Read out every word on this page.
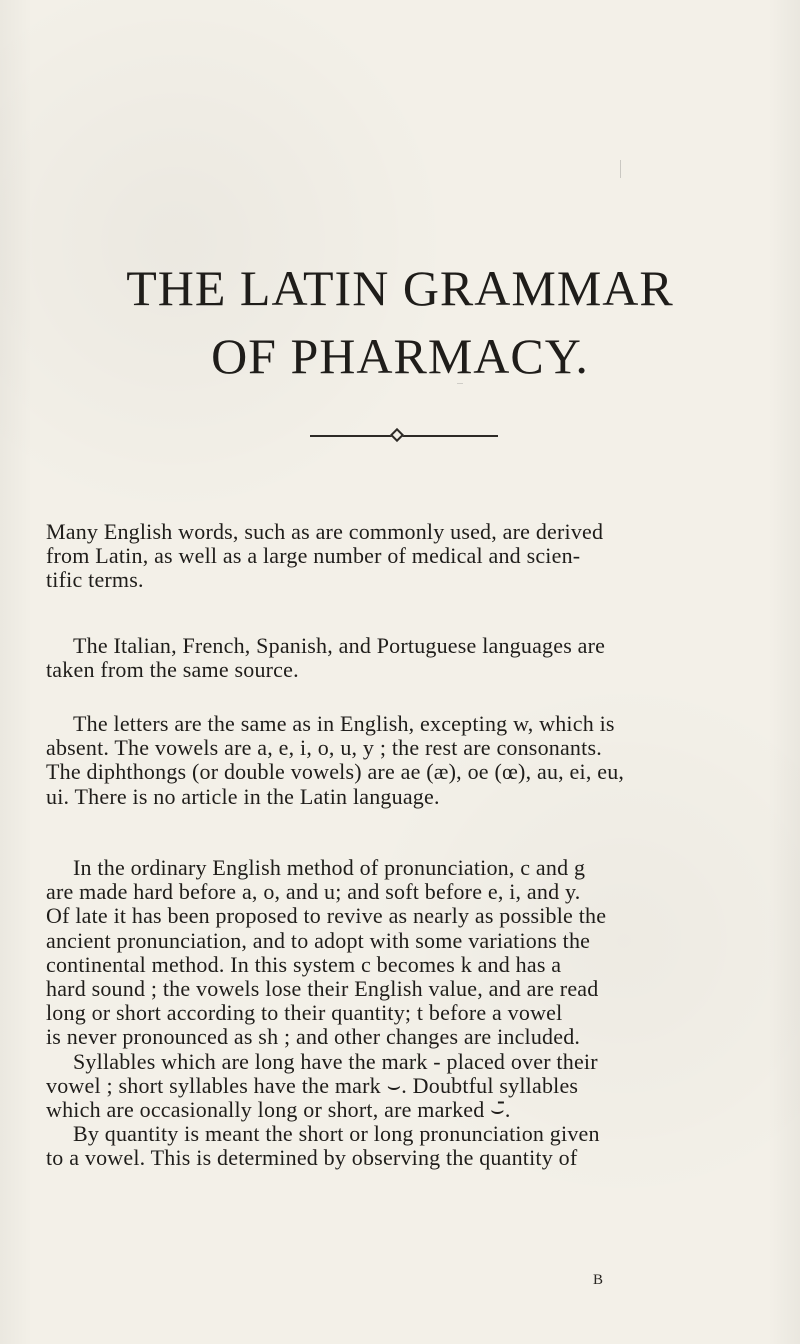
THE LATIN GRAMMAR
OF PHARMACY.
Many English words, such as are commonly used, are derived
from Latin, as well as a large number of medical and scien-
tific terms.
The Italian, French, Spanish, and Portuguese languages are
taken from the same source.
The letters are the same as in English, excepting w, which is
absent. The vowels are a, e, i, o, u, y ; the rest are consonants.
The diphthongs (or double vowels) are ae (æ), oe (œ), au, ei, eu,
ui. There is no article in the Latin language.
In the ordinary English method of pronunciation, c and g
are made hard before a, o, and u; and soft before e, i, and y.
Of late it has been proposed to revive as nearly as possible the
ancient pronunciation, and to adopt with some variations the
continental method. In this system c becomes k and has a
hard sound ; the vowels lose their English value, and are read
long or short according to their quantity; t before a vowel
is never pronounced as sh ; and other changes are included.
Syllables which are long have the mark - placed over their
vowel ; short syllables have the mark ⌣. Doubtful syllables
which are occasionally long or short, are marked ⌣̄.
By quantity is meant the short or long pronunciation given
to a vowel. This is determined by observing the quantity of
B
